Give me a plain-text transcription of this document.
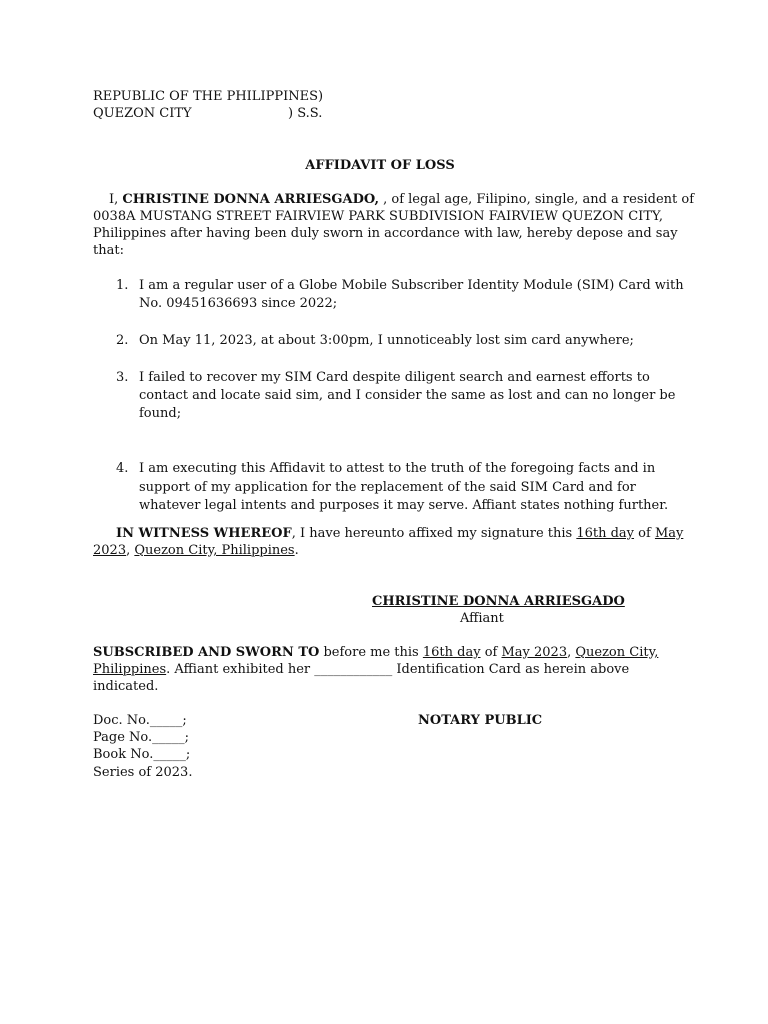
REPUBLIC OF THE PHILIPPINES)
QUEZON CITY	) S.S.
AFFIDAVIT OF LOSS
I, CHRISTINE DONNA ARRIESGADO, , of legal age, Filipino, single, and a resident of
0038A MUSTANG STREET FAIRVIEW PARK SUBDIVISION FAIRVIEW QUEZON CITY,
Philippines after having been duly sworn in accordance with law, hereby depose and say
that:
1. I am a regular user of a Globe Mobile Subscriber Identity Module (SIM) Card with
No. 09451636693 since 2022;
2. On May 11, 2023, at about 3:00pm, I unnoticeably lost sim card anywhere;
3. I failed to recover my SIM Card despite diligent search and earnest efforts to
contact and locate said sim, and I consider the same as lost and can no longer be
found;
4. I am executing this Affidavit to attest to the truth of the foregoing facts and in
support of my application for the replacement of the said SIM Card and for
whatever legal intents and purposes it may serve. Affiant states nothing further.
IN WITNESS WHEREOF, I have hereunto affixed my signature this 16th day of May
2023, Quezon City, Philippines.
CHRISTINE DONNA ARRIESGADO
Affiant
SUBSCRIBED AND SWORN TO before me this 16th day of May 2023, Quezon City,
Philippines. Affiant exhibited her ____________ Identification Card as herein above
indicated.
Doc. No._____;
Page No._____;
Book No._____;
Series of 2023.
NOTARY PUBLIC
